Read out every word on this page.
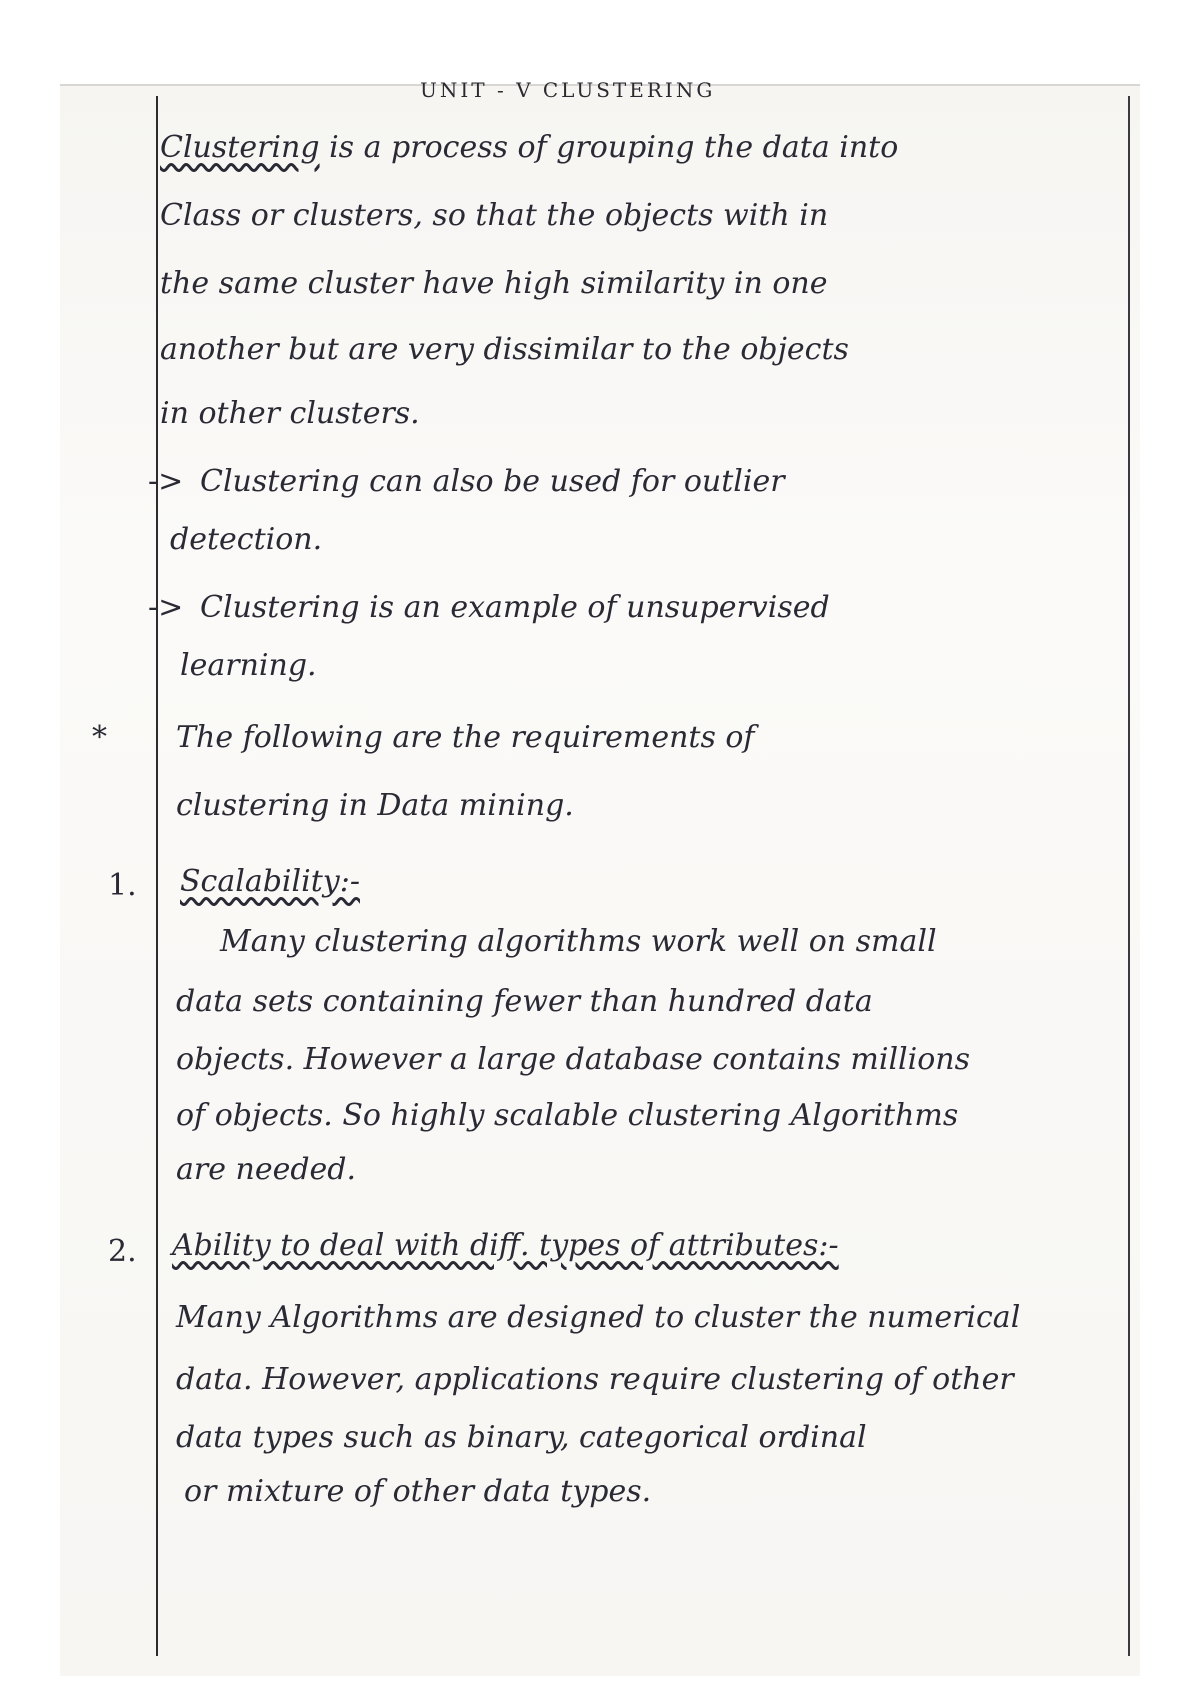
UNIT - V CLUSTERING
Clustering is a process of grouping the data into
Class or clusters, so that the objects with in
the same cluster have high similarity in one
another but are very dissimilar to the objects
in other clusters.
-> Clustering can also be used for outlier
detection.
-> Clustering is an example of unsupervised
learning.
* The following are the requirements of
clustering in Data mining.
1. Scalability:-
Many clustering algorithms work well on small
data sets containing fewer than hundred data
objects. However a large database contains millions
of objects. So highly scalable clustering Algorithms
are needed.
2. Ability to deal with diff. types of attributes:-
Many Algorithms are designed to cluster the numerical
data. However, applications require clustering of other
data types such as binary, categorical ordinal
or mixture of other data types.
